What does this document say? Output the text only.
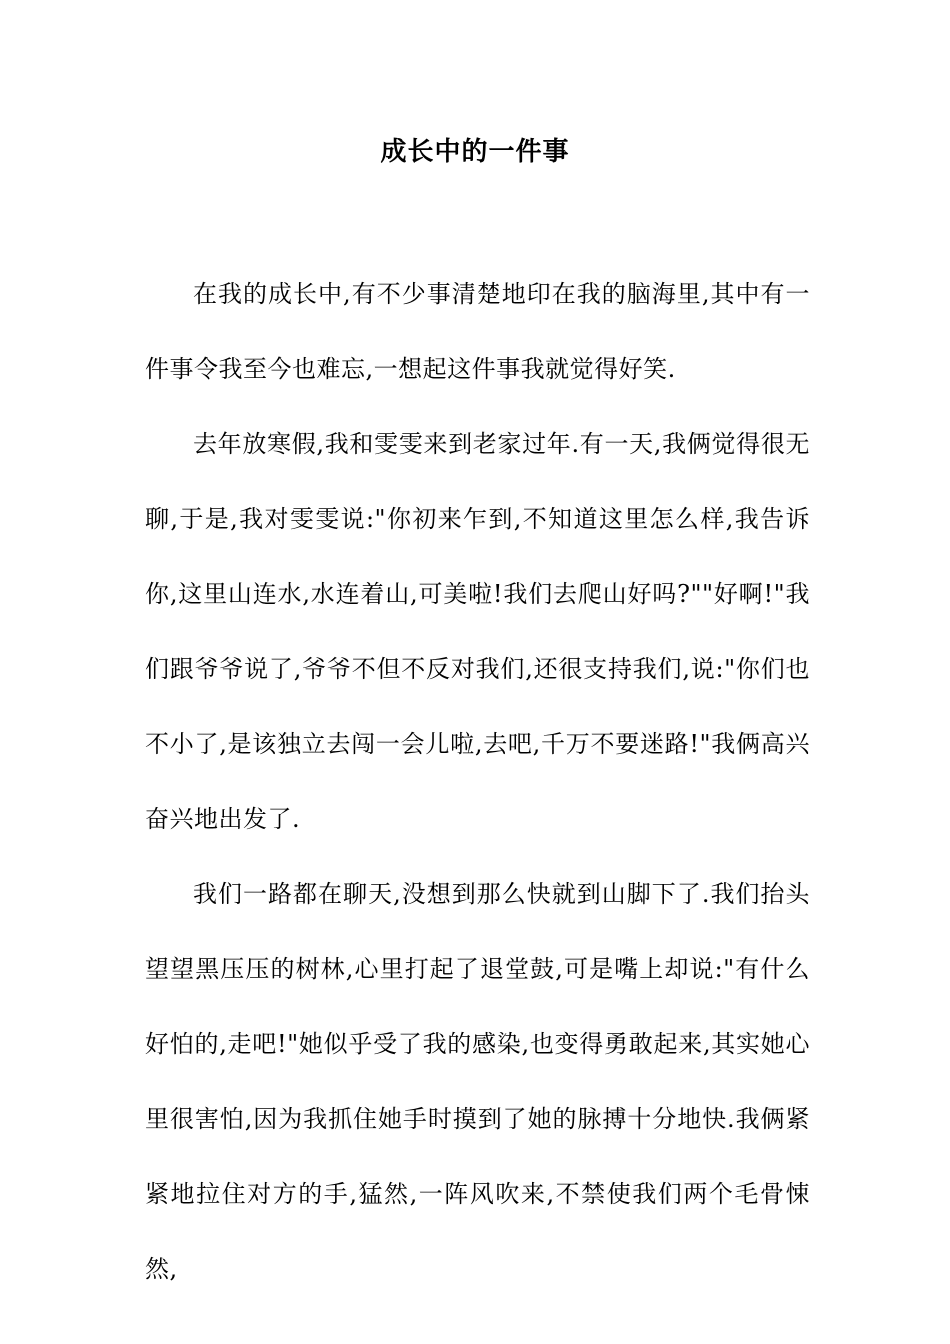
成长中的一件事

在我的成长中,有不少事清楚地印在我的脑海里,其中有一件事令我至今也难忘,一想起这件事我就觉得好笑.

去年放寒假,我和雯雯来到老家过年.有一天,我俩觉得很无聊,于是,我对雯雯说:"你初来乍到,不知道这里怎么样,我告诉你,这里山连水,水连着山,可美啦!我们去爬山好吗?""好啊!"我们跟爷爷说了,爷爷不但不反对我们,还很支持我们,说:"你们也不小了,是该独立去闯一会儿啦,去吧,千万不要迷路!"我俩高兴奋兴地出发了.

我们一路都在聊天,没想到那么快就到山脚下了.我们抬头望望黑压压的树林,心里打起了退堂鼓,可是嘴上却说:"有什么好怕的,走吧!"她似乎受了我的感染,也变得勇敢起来,其实她心里很害怕,因为我抓住她手时摸到了她的脉搏十分地快.我俩紧紧地拉住对方的手,猛然,一阵风吹来,不禁使我们两个毛骨悚然,
